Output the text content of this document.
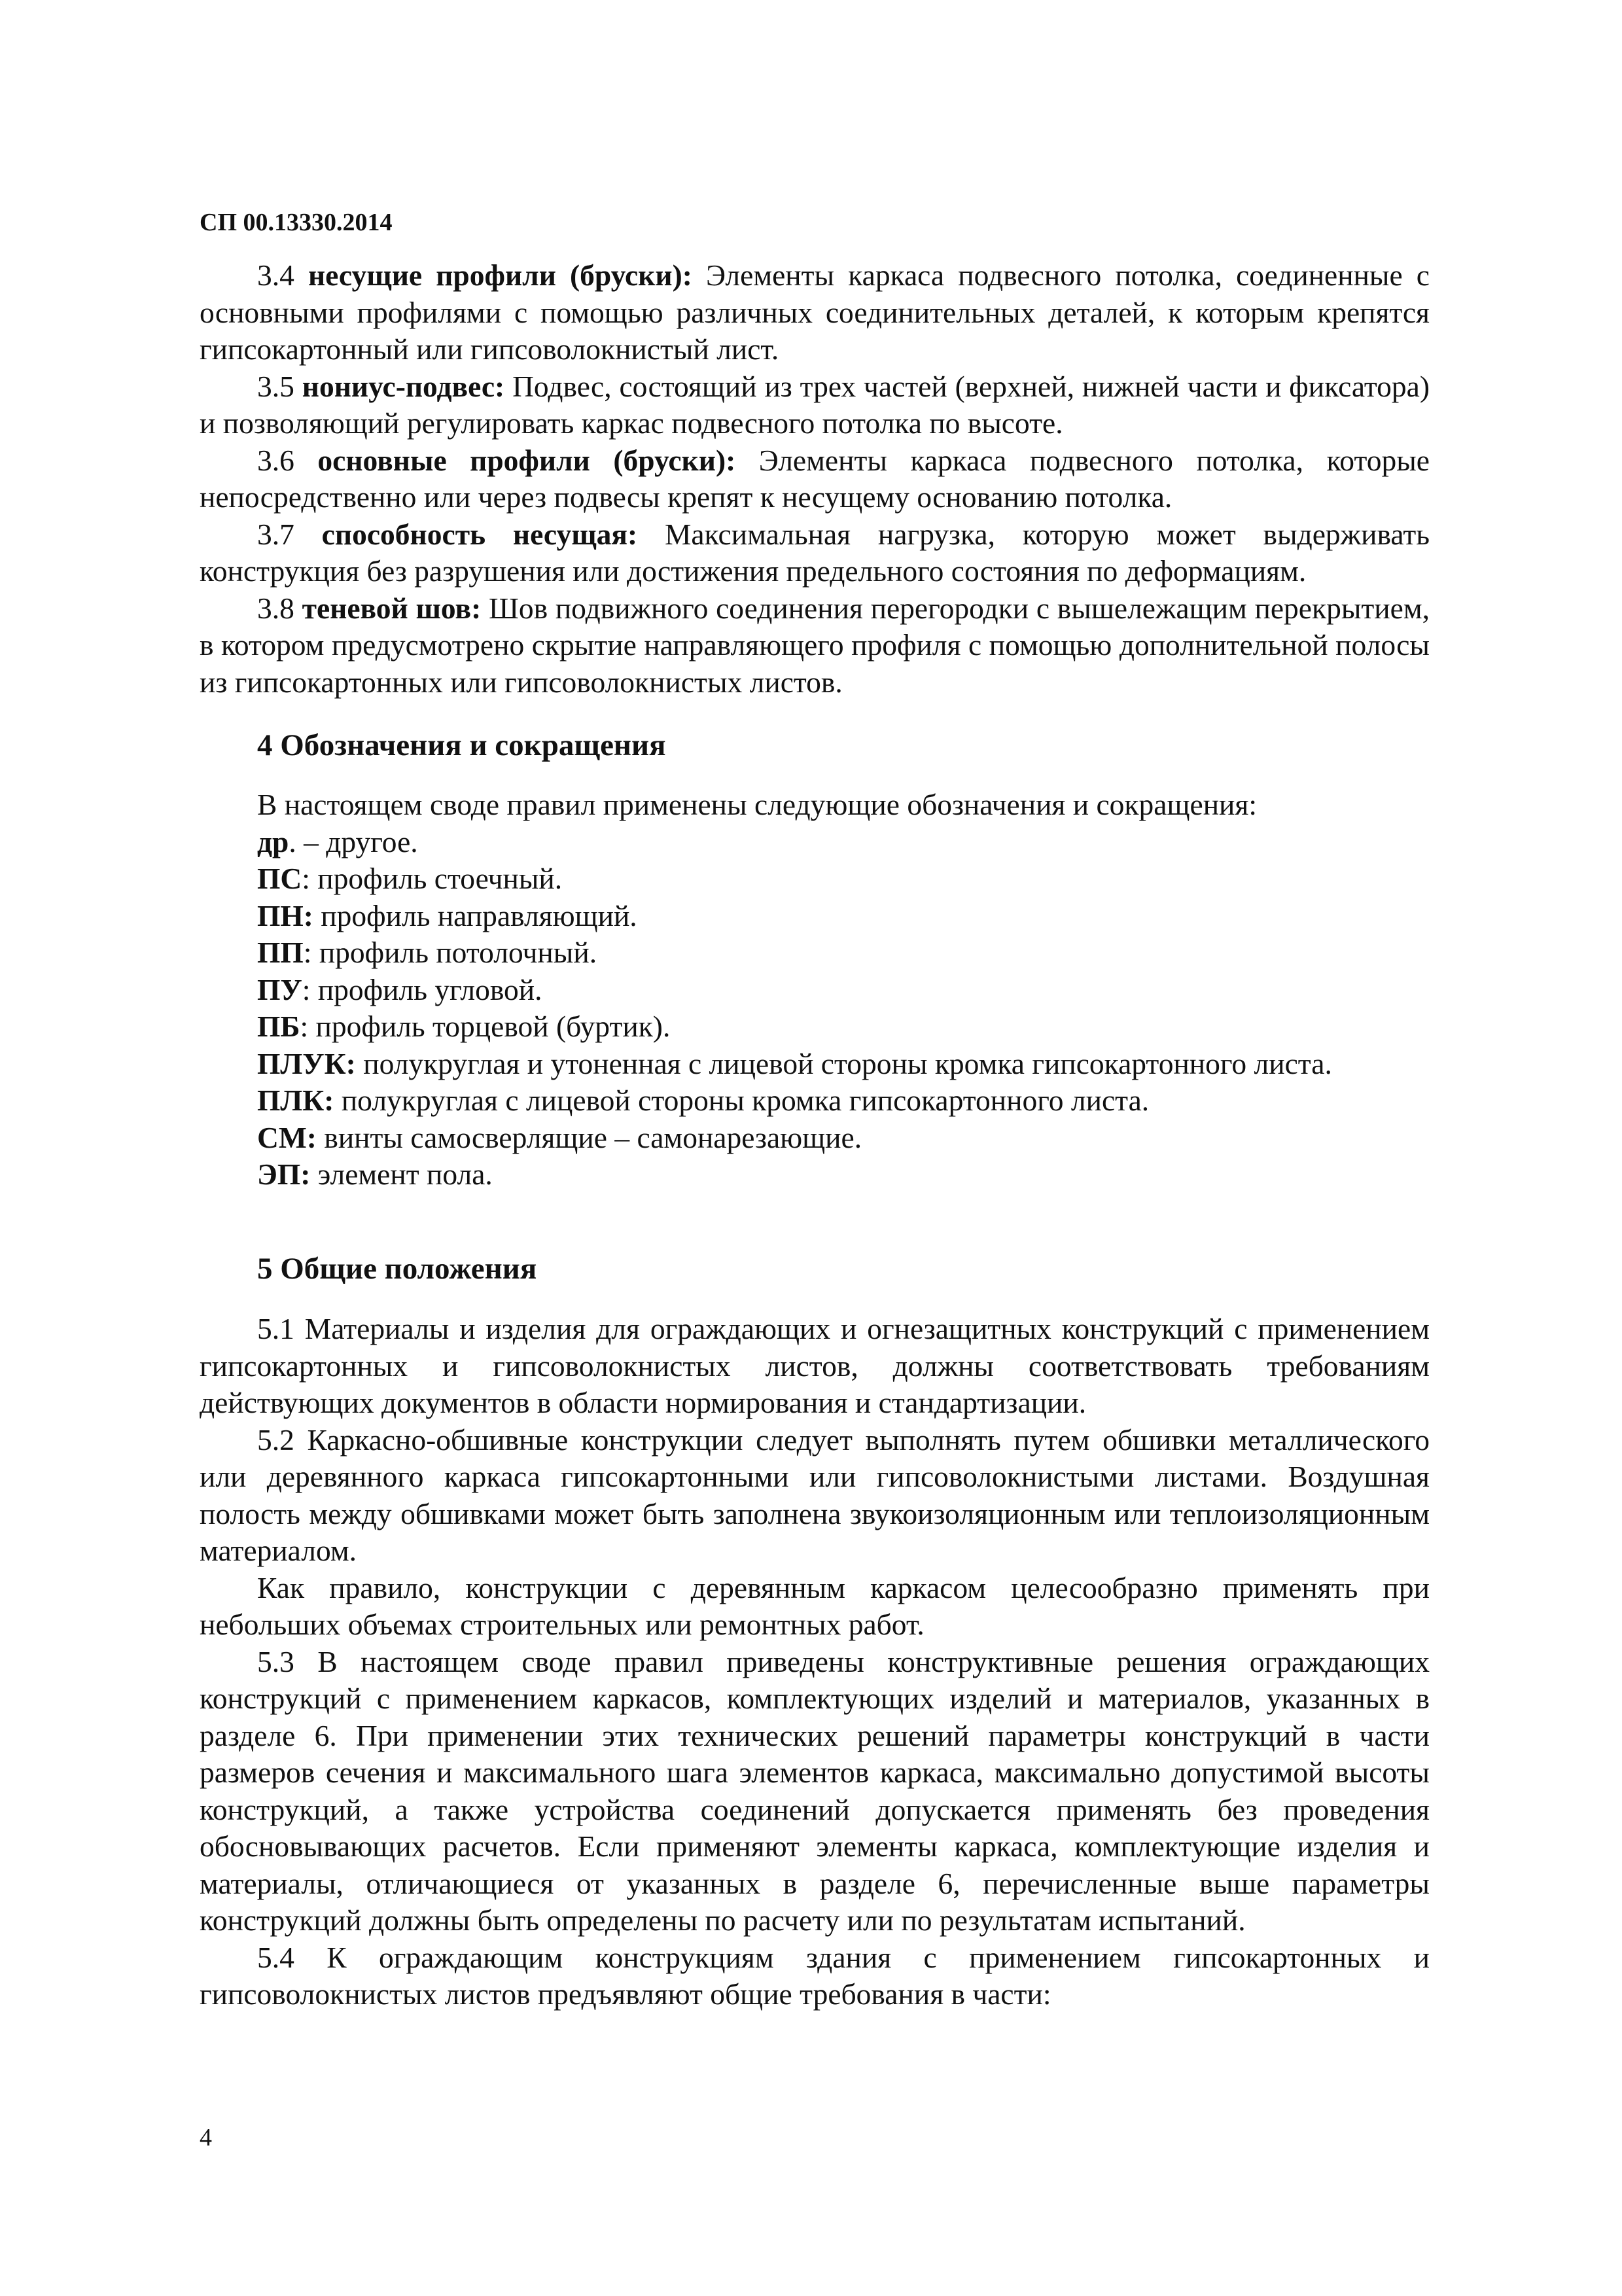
СП 00.13330.2014

3.4 несущие профили (бруски): Элементы каркаса подвесного потолка, соединенные с основными профилями с помощью различных соединительных деталей, к которым крепятся гипсокартонный или гипсоволокнистый лист.

3.5 нониус-подвес: Подвес, состоящий из трех частей (верхней, нижней части и фиксатора) и позволяющий регулировать каркас подвесного потолка по высоте.

3.6 основные профили (бруски): Элементы каркаса подвесного потолка, которые непосредственно или через подвесы крепят к несущему основанию потолка.

3.7 способность несущая: Максимальная нагрузка, которую может выдерживать конструкция без разрушения или достижения предельного состояния по деформациям.

3.8 теневой шов: Шов подвижного соединения перегородки с вышележащим перекрытием, в котором предусмотрено скрытие направляющего профиля с помощью дополнительной полосы из гипсокартонных или гипсоволокнистых листов.

4 Обозначения и сокращения

В настоящем своде правил применены следующие обозначения и сокращения:

др. – другое.

ПС: профиль стоечный.

ПН: профиль направляющий.

ПП: профиль потолочный.

ПУ: профиль угловой.

ПБ: профиль торцевой (буртик).

ПЛУК: полукруглая и утоненная с лицевой стороны кромка гипсокартонного листа.

ПЛК: полукруглая с лицевой стороны кромка гипсокартонного листа.

СМ: винты самосверлящие – самонарезающие.

ЭП: элемент пола.

5 Общие положения

5.1 Материалы и изделия для ограждающих и огнезащитных конструкций с применением гипсокартонных и гипсоволокнистых листов, должны соответствовать требованиям действующих документов в области нормирования и стандартизации.

5.2 Каркасно-обшивные конструкции следует выполнять путем обшивки металлического или деревянного каркаса гипсокартонными или гипсоволокнистыми листами. Воздушная полость между обшивками может быть заполнена звукоизоляционным или теплоизоляционным материалом.

Как правило, конструкции с деревянным каркасом целесообразно применять при небольших объемах строительных или ремонтных работ.

5.3 В настоящем своде правил приведены конструктивные решения ограждающих конструкций с применением каркасов, комплектующих изделий и материалов, указанных в разделе 6. При применении этих технических решений параметры конструкций в части размеров сечения и максимального шага элементов каркаса, максимально допустимой высоты конструкций, а также устройства соединений допускается применять без проведения обосновывающих расчетов. Если применяют элементы каркаса, комплектующие изделия и материалы, отличающиеся от указанных в разделе 6, перечисленные выше параметры конструкций должны быть определены по расчету или по результатам испытаний.

5.4 К ограждающим конструкциям здания с применением гипсокартонных и гипсоволокнистых листов предъявляют общие требования в части:

4
